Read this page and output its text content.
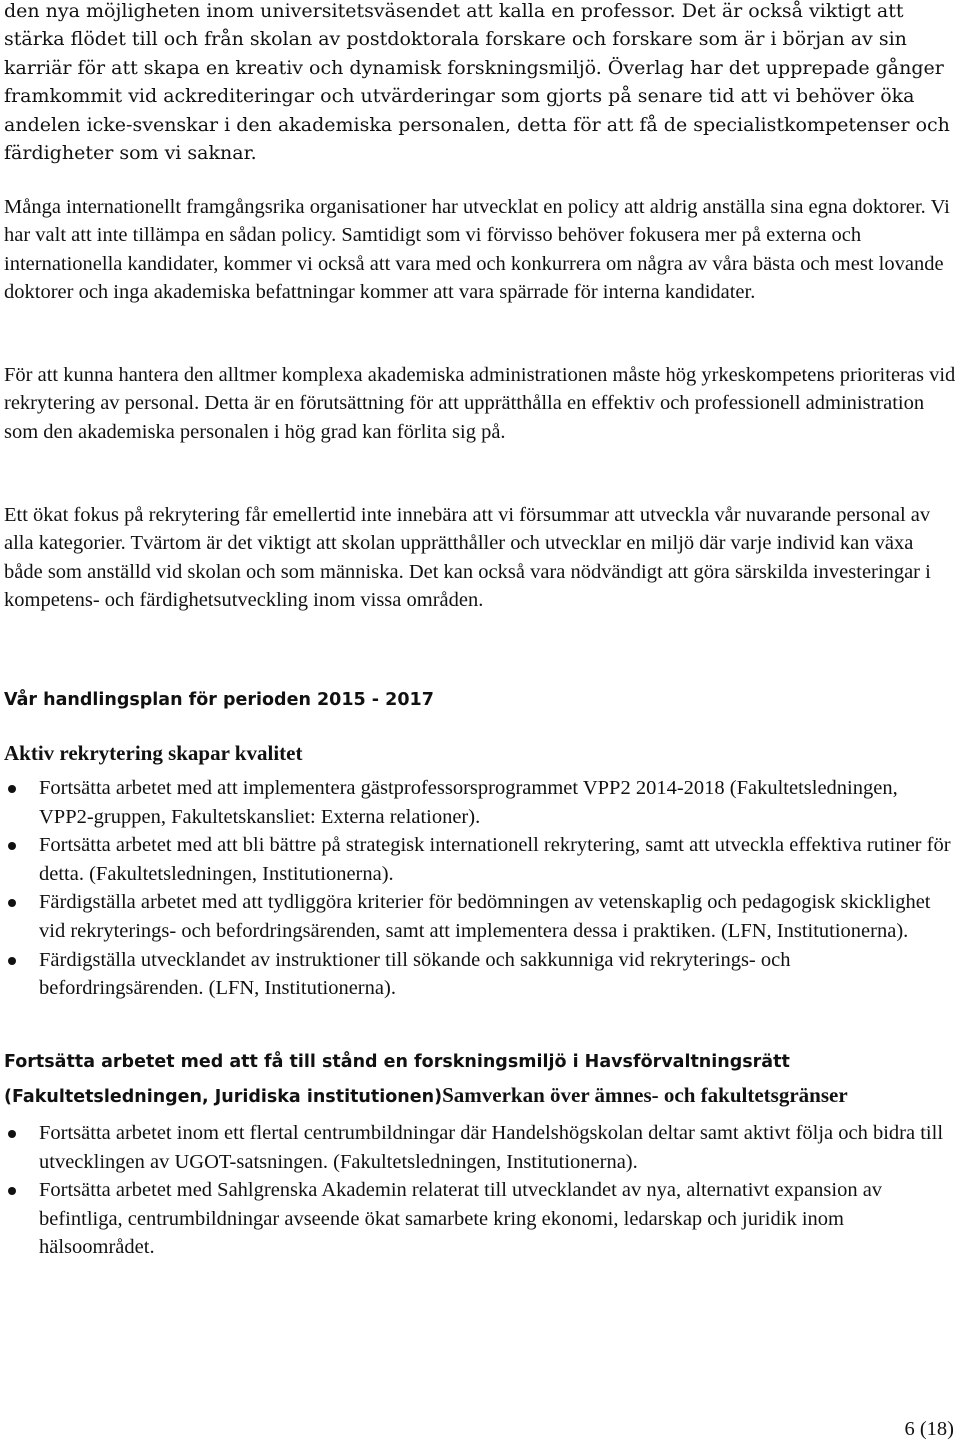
den nya möjligheten inom universitetsväsendet att kalla en professor. Det är också viktigt att stärka flödet till och från skolan av postdoktorala forskare och forskare som är i början av sin karriär för att skapa en kreativ och dynamisk forskningsmiljö. Överlag har det upprepade gånger framkommit vid ackrediteringar och utvärderingar som gjorts på senare tid att vi behöver öka andelen icke-svenskar i den akademiska personalen, detta för att få de specialistkompetenser och färdigheter som vi saknar.

Många internationellt framgångsrika organisationer har utvecklat en policy att aldrig anställa sina egna doktorer. Vi har valt att inte tillämpa en sådan policy. Samtidigt som vi förvisso behöver fokusera mer på externa och internationella kandidater, kommer vi också att vara med och konkurrera om några av våra bästa och mest lovande doktorer och inga akademiska befattningar kommer att vara spärrade för interna kandidater.

För att kunna hantera den alltmer komplexa akademiska administrationen måste hög yrkeskompetens prioriteras vid rekrytering av personal. Detta är en förutsättning för att upprätthålla en effektiv och professionell administration som den akademiska personalen i hög grad kan förlita sig på.

Ett ökat fokus på rekrytering får emellertid inte innebära att vi försummar att utveckla vår nuvarande personal av alla kategorier. Tvärtom är det viktigt att skolan upprätthåller och utvecklar en miljö där varje individ kan växa både som anställd vid skolan och som människa. Det kan också vara nödvändigt att göra särskilda investeringar i kompetens- och färdighetsutveckling inom vissa områden.

Vår handlingsplan för perioden 2015 - 2017

Aktiv rekrytering skapar kvalitet

Fortsätta arbetet med att implementera gästprofessorsprogrammet VPP2 2014-2018 (Fakultetsledningen, VPP2-gruppen, Fakultetskansliet: Externa relationer).
Fortsätta arbetet med att bli bättre på strategisk internationell rekrytering, samt att utveckla effektiva rutiner för detta. (Fakultetsledningen, Institutionerna).
Färdigställa arbetet med att tydliggöra kriterier för bedömningen av vetenskaplig och pedagogisk skicklighet vid rekryterings- och befordringsärenden, samt att implementera dessa i praktiken. (LFN, Institutionerna).
Färdigställa utvecklandet av instruktioner till sökande och sakkunniga vid rekryterings- och befordringsärenden. (LFN, Institutionerna).

Fortsätta arbetet med att få till stånd en forskningsmiljö i Havsförvaltningsrätt

(Fakultetsledningen, Juridiska institutionen)Samverkan över ämnes- och fakultetsgränser

Fortsätta arbetet inom ett flertal centrumbildningar där Handelshögskolan deltar samt aktivt följa och bidra till utvecklingen av UGOT-satsningen. (Fakultetsledningen, Institutionerna).
Fortsätta arbetet med Sahlgrenska Akademin relaterat till utvecklandet av nya, alternativt expansion av befintliga, centrumbildningar avseende ökat samarbete kring ekonomi, ledarskap och juridik inom hälsoområdet.
6 (18)
